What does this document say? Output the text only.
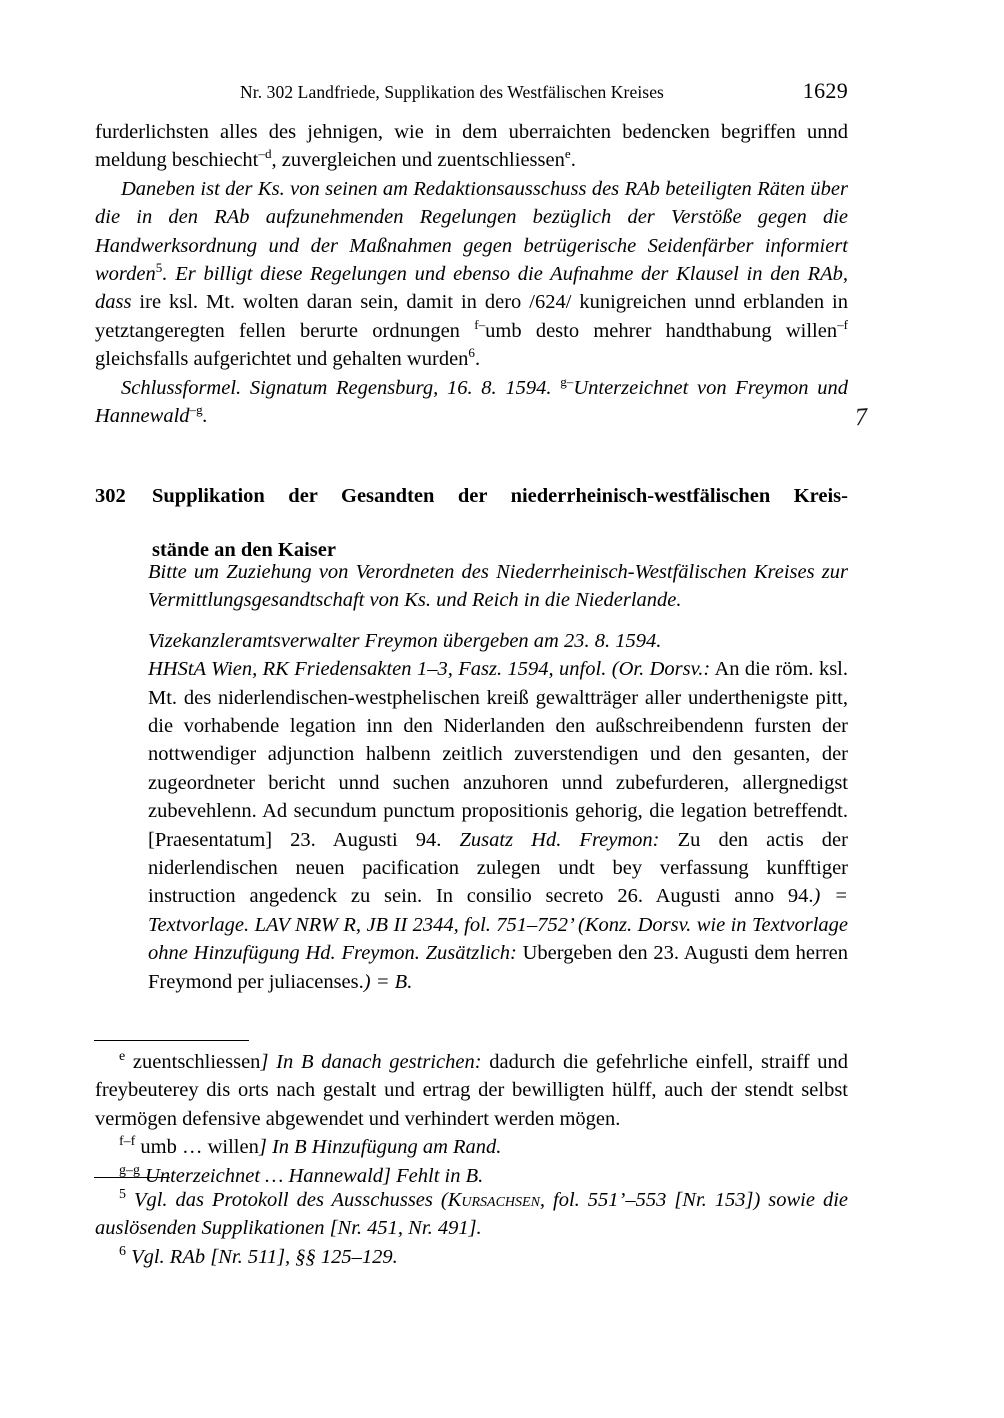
Nr. 302 Landfriede, Supplikation des Westfälischen Kreises	1629

furderlichsten alles des jehnigen, wie in dem uberraichten bedencken begriffen unnd meldung beschiecht$^{-d}$, zuvergleichen und zuentschliessen$^e$.

Daneben ist der Ks. von seinen am Redaktionsausschuss des RAb beteiligten Räten über die in den RAb aufzunehmenden Regelungen bezüglich der Verstöße gegen die Handwerksordnung und der Maßnahmen gegen betrügerische Seidenfärber informiert worden$^5$. Er billigt diese Regelungen und ebenso die Aufnahme der Klausel in den RAb, dass ire ksl. Mt. wolten daran sein, damit in dero /624/ kunigreichen unnd erblanden in yetztangeregten fellen berurte ordnungen $^{f-}$umb desto mehrer handthabung willen$^{-f}$ gleichsfalls aufgerichtet und gehalten wurden$^6$.

Schlussformel. Signatum Regensburg, 16. 8. 1594. $^{g-}$Unterzeichnet von Freymon und Hannewald$^{-g}$.	7
302	Supplikation der Gesandten der niederrheinisch-westfälischen Kreis-
stände an den Kaiser

Bitte um Zuziehung von Verordneten des Niederrheinisch-Westfälischen Kreises zur Vermittlungsgesandtschaft von Ks. und Reich in die Niederlande.

Vizekanzleramtsverwalter Freymon übergeben am 23. 8. 1594.

HHStA Wien, RK Friedensakten 1–3, Fasz. 1594, unfol. (Or. Dorsv.: An die röm. ksl. Mt. des niderlendischen-westphelischen kreiß gewaltträger aller underthenigste pitt, die vorhabende legation inn den Niderlanden den außschreibendenn fursten der nottwendiger adjunction halbenn zeitlich zuverstendigen und den gesanten, der zugeordneter bericht unnd suchen anzuhoren unnd zubefurderen, allergnedigst zubevehlenn. Ad secundum punctum propositionis gehorig, die legation betreffendt. [Praesentatum] 23. Augusti 94. Zusatz Hd. Freymon: Zu den actis der niderlendischen neuen pacification zulegen undt bey verfassung kunfftiger instruction angedenck zu sein. In consilio secreto 26. Augusti anno 94.) = Textvorlage. LAV NRW R, JB II 2344, fol. 751–752’ (Konz. Dorsv. wie in Textvorlage ohne Hinzufügung Hd. Freymon. Zusätzlich: Ubergeben den 23. Augusti dem herren Freymond per juliacenses.) = B.

$^e$ zuentschliessen] In B danach gestrichen: dadurch die gefehrliche einfell, straiff und freybeuterey dis orts nach gestalt und ertrag der bewilligten hülff, auch der stendt selbst vermögen defensive abgewendet und verhindert werden mögen.

$^{f-f}$ umb … willen] In B Hinzufügung am Rand.

$^{g-g}$ Unterzeichnet … Hannewald] Fehlt in B.

$^5$ Vgl. das Protokoll des Ausschusses (Kursachsen, fol. 551’–553 [Nr. 153]) sowie die auslösenden Supplikationen [Nr. 451, Nr. 491].

$^6$ Vgl. RAb [Nr. 511], §§ 125–129.
